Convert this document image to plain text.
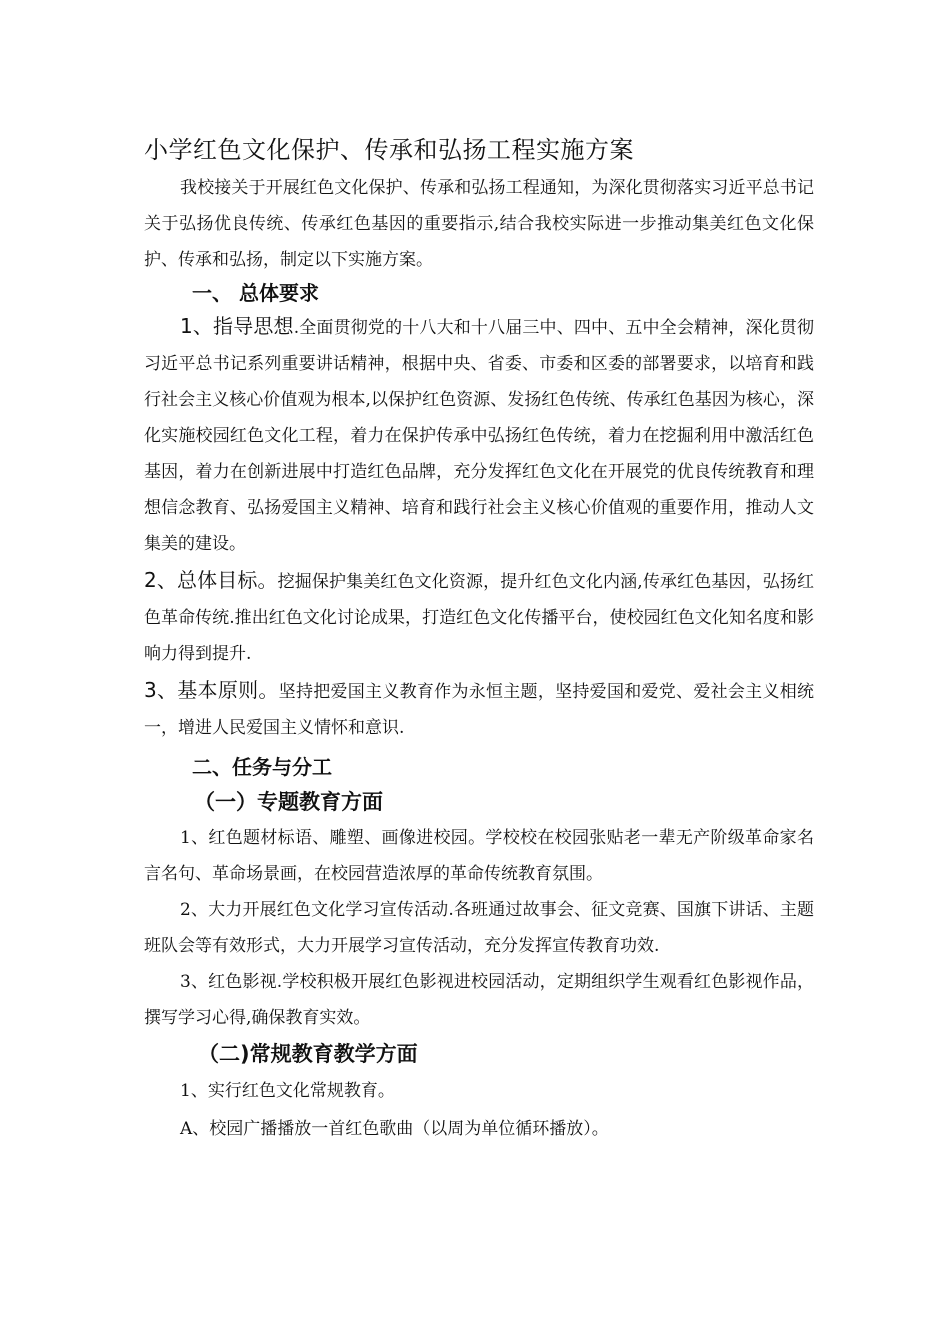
小学红色文化保护、传承和弘扬工程实施方案

我校接关于开展红色文化保护、传承和弘扬工程通知，为深化贯彻落实习近平总书记关于弘扬优良传统、传承红色基因的重要指示,结合我校实际进一步推动集美红色文化保护、传承和弘扬，制定以下实施方案。

一、 总体要求

1、指导思想.全面贯彻党的十八大和十八届三中、四中、五中全会精神，深化贯彻习近平总书记系列重要讲话精神，根据中央、省委、市委和区委的部署要求，以培育和践行社会主义核心价值观为根本,以保护红色资源、发扬红色传统、传承红色基因为核心，深化实施校园红色文化工程，着力在保护传承中弘扬红色传统，着力在挖掘利用中激活红色基因，着力在创新进展中打造红色品牌，充分发挥红色文化在开展党的优良传统教育和理想信念教育、弘扬爱国主义精神、培育和践行社会主义核心价值观的重要作用，推动人文集美的建设。

2、总体目标。挖掘保护集美红色文化资源，提升红色文化内涵,传承红色基因，弘扬红色革命传统.推出红色文化讨论成果，打造红色文化传播平台，使校园红色文化知名度和影响力得到提升.

3、基本原则。坚持把爱国主义教育作为永恒主题，坚持爱国和爱党、爱社会主义相统一，增进人民爱国主义情怀和意识.

二、任务与分工
（一）专题教育方面

1、红色题材标语、雕塑、画像进校园。学校校在校园张贴老一辈无产阶级革命家名言名句、革命场景画，在校园营造浓厚的革命传统教育氛围。

2、大力开展红色文化学习宣传活动.各班通过故事会、征文竞赛、国旗下讲话、主题班队会等有效形式，大力开展学习宣传活动，充分发挥宣传教育功效.

3、红色影视.学校积极开展红色影视进校园活动，定期组织学生观看红色影视作品，撰写学习心得,确保教育实效。

（二)常规教育教学方面

1、实行红色文化常规教育。

A、校园广播播放一首红色歌曲（以周为单位循环播放）。
